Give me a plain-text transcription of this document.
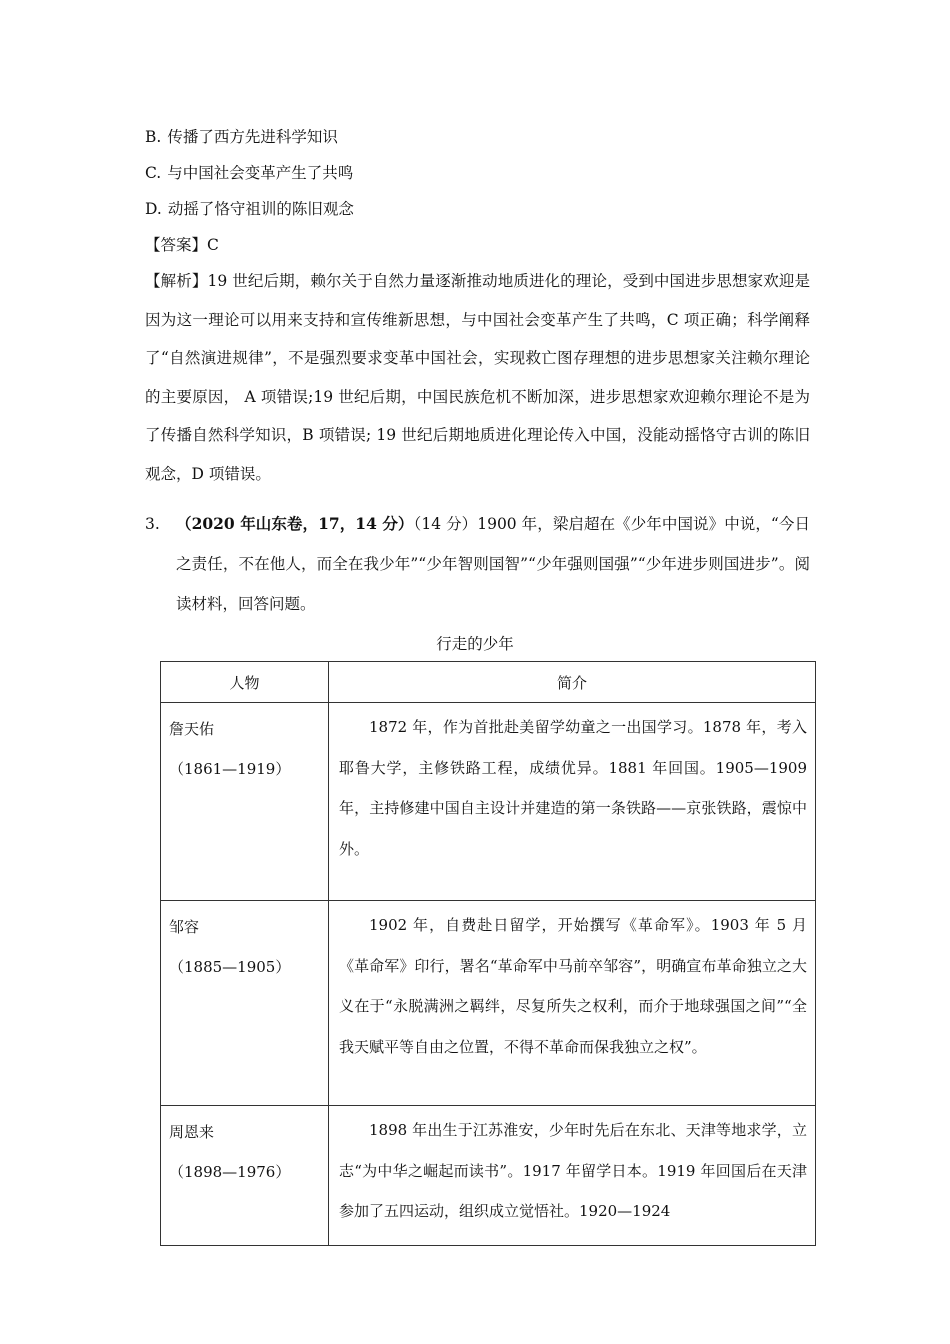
B. 传播了西方先进科学知识
C. 与中国社会变革产生了共鸣
D. 动摇了恪守祖训的陈旧观念
【答案】C
【解析】19 世纪后期，赖尔关于自然力量逐渐推动地质进化的理论，受到中国进步思想家欢迎是因为这一理论可以用来支持和宣传维新思想，与中国社会变革产生了共鸣，C 项正确；科学阐释了“自然演进规律”，不是强烈要求变革中国社会，实现救亡图存理想的进步思想家关注赖尔理论的主要原因， A 项错误;19 世纪后期，中国民族危机不断加深，进步思想家欢迎赖尔理论不是为了传播自然科学知识，B 项错误; 19 世纪后期地质进化理论传入中国，没能动摇恪守古训的陈旧观念，D 项错误。
3. （2020 年山东卷，17，14 分）（14 分）1900 年，梁启超在《少年中国说》中说，“今日之责任，不在他人，而全在我少年”“少年智则国智”“少年强则国强”“少年进步则国进步”。阅读材料，回答问题。
行走的少年
人物	简介

詹天佑
（1861—1919）	1872 年，作为首批赴美留学幼童之一出国学习。1878 年，考入耶鲁大学，主修铁路工程，成绩优异。1881 年回国。1905—1909 年，主持修建中国自主设计并建造的第一条铁路——京张铁路，震惊中外。

邹容
（1885—1905）	1902 年，自费赴日留学，开始撰写《革命军》。1903 年 5 月《革命军》印行，署名“革命军中马前卒邹容”，明确宣布革命独立之大义在于“永脱满洲之羁绊，尽复所失之权利，而介于地球强国之间”“全我天赋平等自由之位置，不得不革命而保我独立之权”。

周恩来
（1898—1976）	1898 年出生于江苏淮安，少年时先后在东北、天津等地求学，立志“为中华之崛起而读书”。1917 年留学日本。1919 年回国后在天津参加了五四运动，组织成立觉悟社。1920—1924
